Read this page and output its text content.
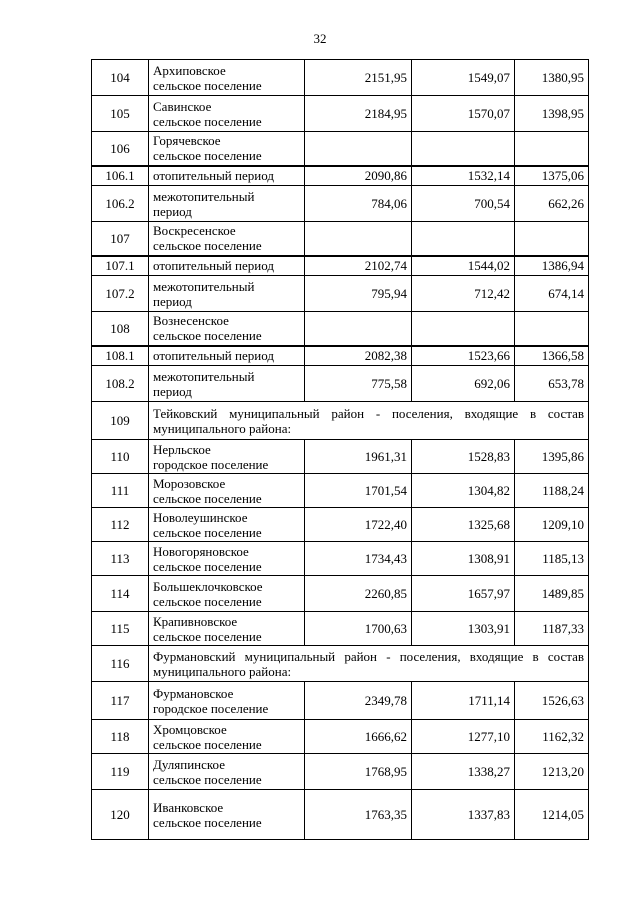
32
104	Архиповское
сельское поселение	2151,95	1549,07	1380,95
105	Савинское
сельское поселение	2184,95	1570,07	1398,95
106	Горячевское
сельское поселение			
106.1	отопительный период	2090,86	1532,14	1375,06
106.2	межотопительный
период	784,06	700,54	662,26
107	Воскресенское
сельское поселение			
107.1	отопительный период	2102,74	1544,02	1386,94
107.2	межотопительный
период	795,94	712,42	674,14
108	Вознесенское
сельское поселение			
108.1	отопительный период	2082,38	1523,66	1366,58
108.2	межотопительный
период	775,58	692,06	653,78
109	Тейковский муниципальный район - поселения, входящие в состав муниципального района:			
110	Нерльское
городское поселение	1961,31	1528,83	1395,86
111	Морозовское
сельское поселение	1701,54	1304,82	1188,24
112	Новолеушинское
сельское поселение	1722,40	1325,68	1209,10
113	Новогоряновское
сельское поселение	1734,43	1308,91	1185,13
114	Большеклочковское
сельское поселение	2260,85	1657,97	1489,85
115	Крапивновское
сельское поселение	1700,63	1303,91	1187,33
116	Фурмановский муниципальный район - поселения, входящие в состав муниципального района:			
117	Фурмановское
городское поселение	2349,78	1711,14	1526,63
118	Хромцовское
сельское поселение	1666,62	1277,10	1162,32
119	Дуляпинское
сельское поселение	1768,95	1338,27	1213,20
120	Иванковское
сельское поселение	1763,35	1337,83	1214,05
